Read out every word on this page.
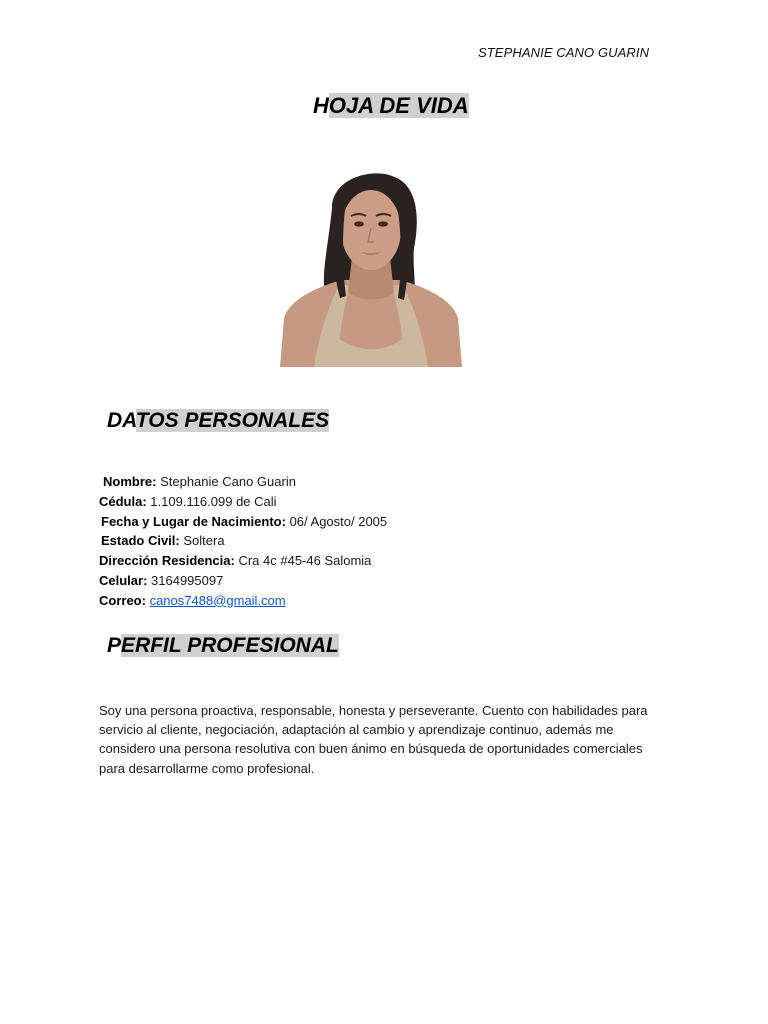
STEPHANIE CANO GUARIN
HOJA DE VIDA
DATOS PERSONALES
Nombre: Stephanie Cano Guarin
Cédula: 1.109.116.099 de Cali
Fecha y Lugar de Nacimiento: 06/ Agosto/ 2005
Estado Civil: Soltera
Dirección Residencia: Cra 4c #45-46 Salomia
Celular: 3164995097
Correo: canos7488@gmail.com
PERFIL PROFESIONAL
Soy una persona proactiva, responsable, honesta y perseverante. Cuento con habilidades para servicio al cliente, negociación, adaptación al cambio y aprendizaje continuo, además me considero una persona resolutiva con buen ánimo en búsqueda de oportunidades comerciales para desarrollarme como profesional.
